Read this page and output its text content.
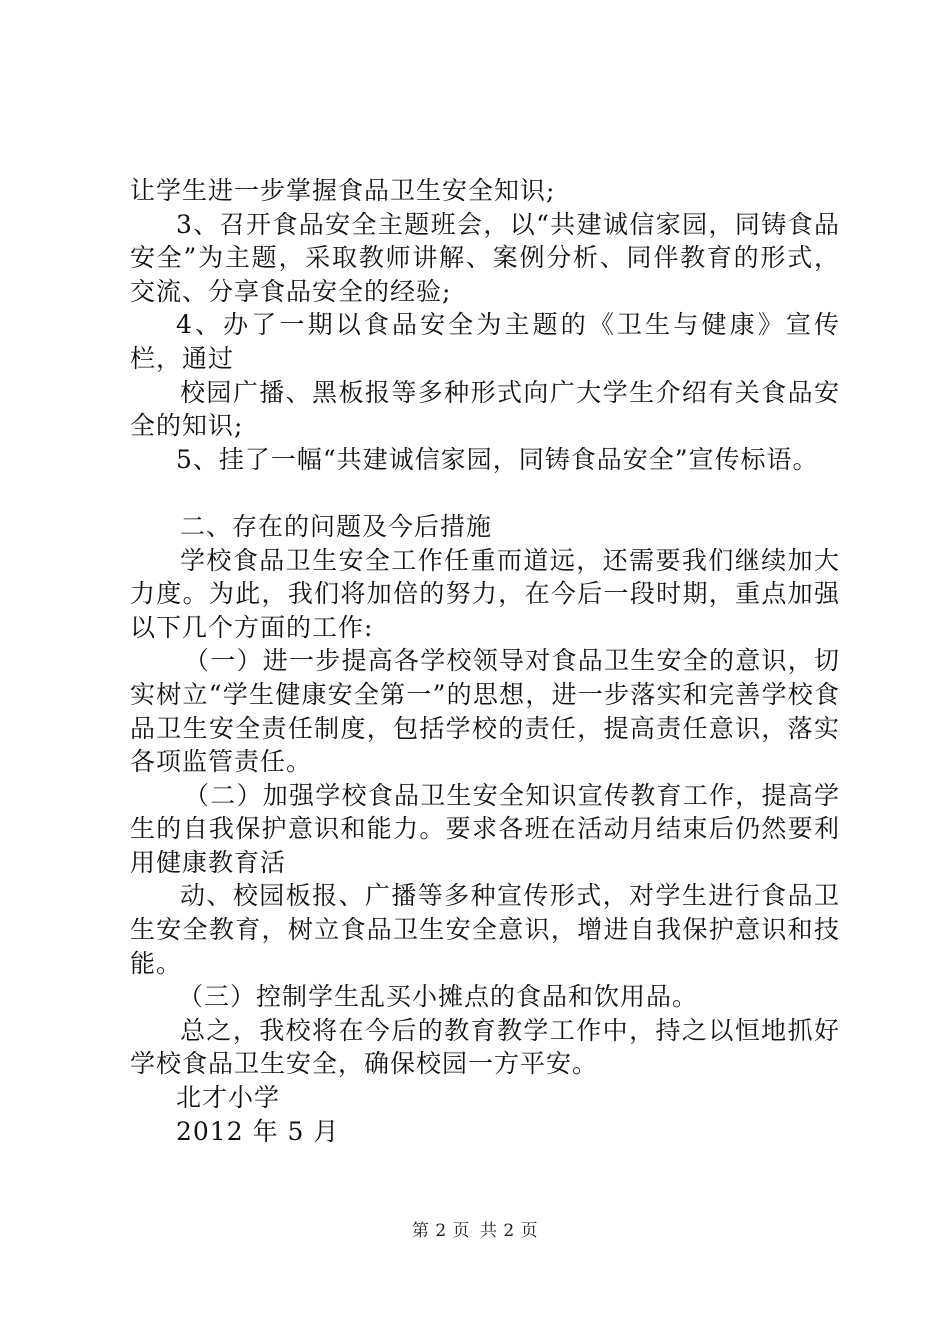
让学生进一步掌握食品卫生安全知识;

3、召开食品安全主题班会，以“共建诚信家园，同铸食品安全”为主题，采取教师讲解、案例分析、同伴教育的形式，交流、分享食品安全的经验;

4、办了一期以食品安全为主题的《卫生与健康》宣传栏，通过

校园广播、黑板报等多种形式向广大学生介绍有关食品安全的知识;

5、挂了一幅“共建诚信家园，同铸食品安全”宣传标语。

二、存在的问题及今后措施

学校食品卫生安全工作任重而道远，还需要我们继续加大力度。为此，我们将加倍的努力，在今后一段时期，重点加强以下几个方面的工作:

（一）进一步提高各学校领导对食品卫生安全的意识，切实树立“学生健康安全第一”的思想，进一步落实和完善学校食品卫生安全责任制度，包括学校的责任，提高责任意识，落实各项监管责任。

（二）加强学校食品卫生安全知识宣传教育工作，提高学生的自我保护意识和能力。要求各班在活动月结束后仍然要利用健康教育活

动、校园板报、广播等多种宣传形式，对学生进行食品卫生安全教育，树立食品卫生安全意识，增进自我保护意识和技能。

（三）控制学生乱买小摊点的食品和饮用品。

总之，我校将在今后的教育教学工作中，持之以恒地抓好学校食品卫生安全，确保校园一方平安。

北才小学

2012 年 5 月

第 2 页 共 2 页
